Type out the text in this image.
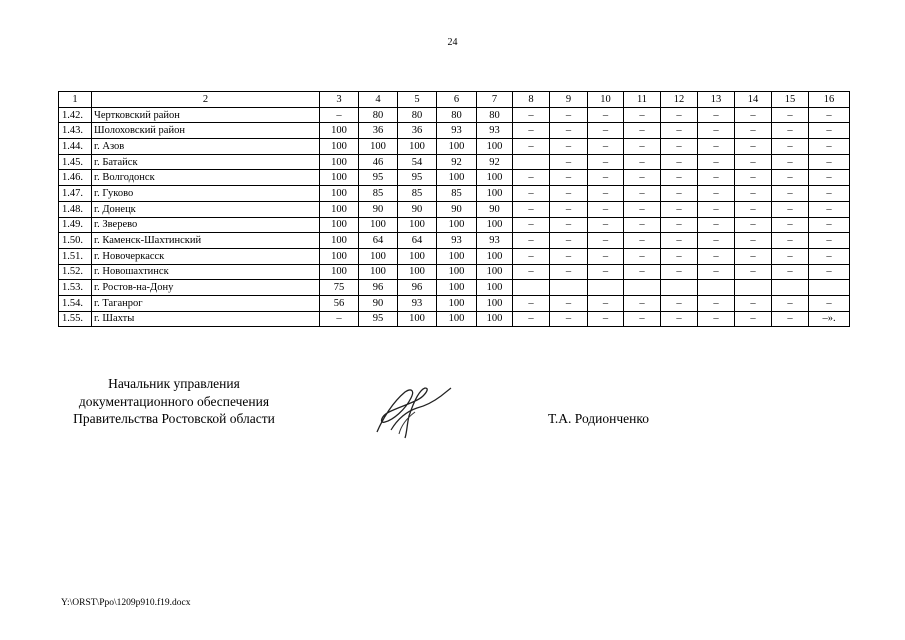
24
1	2	3	4	5	6	7	8	9	10	11	12	13	14	15	16
1.42.	Чертковский район	–	80	80	80	80	–	–	–	–	–	–	–	–	–
1.43.	Шолоховский район	100	36	36	93	93	–	–	–	–	–	–	–	–	–
1.44.	г. Азов	100	100	100	100	100	–	–	–	–	–	–	–	–	–
1.45.	г. Батайск	100	46	54	92	92		–	–	–	–	–	–	–	–
1.46.	г. Волгодонск	100	95	95	100	100	–	–	–	–	–	–	–	–	–
1.47.	г. Гуково	100	85	85	85	100	–	–	–	–	–	–	–	–	–
1.48.	г. Донецк	100	90	90	90	90	–	–	–	–	–	–	–	–	–
1.49.	г. Зверево	100	100	100	100	100	–	–	–	–	–	–	–	–	–
1.50.	г. Каменск-Шахтинский	100	64	64	93	93	–	–	–	–	–	–	–	–	–
1.51.	г. Новочеркасск	100	100	100	100	100	–	–	–	–	–	–	–	–	–
1.52.	г. Новошахтинск	100	100	100	100	100	–	–	–	–	–	–	–	–	–
1.53.	г. Ростов-на-Дону	75	96	96	100	100									
1.54.	г. Таганрог	56	90	93	100	100	–	–	–	–	–	–	–	–	–
1.55.	г. Шахты	–	95	100	100	100	–	–	–	–	–	–	–	–	–».
Начальник управления
документационного обеспечения
Правительства Ростовской области	Т.А. Родионченко
Y:\ORST\Ppo\1209p910.f19.docx
